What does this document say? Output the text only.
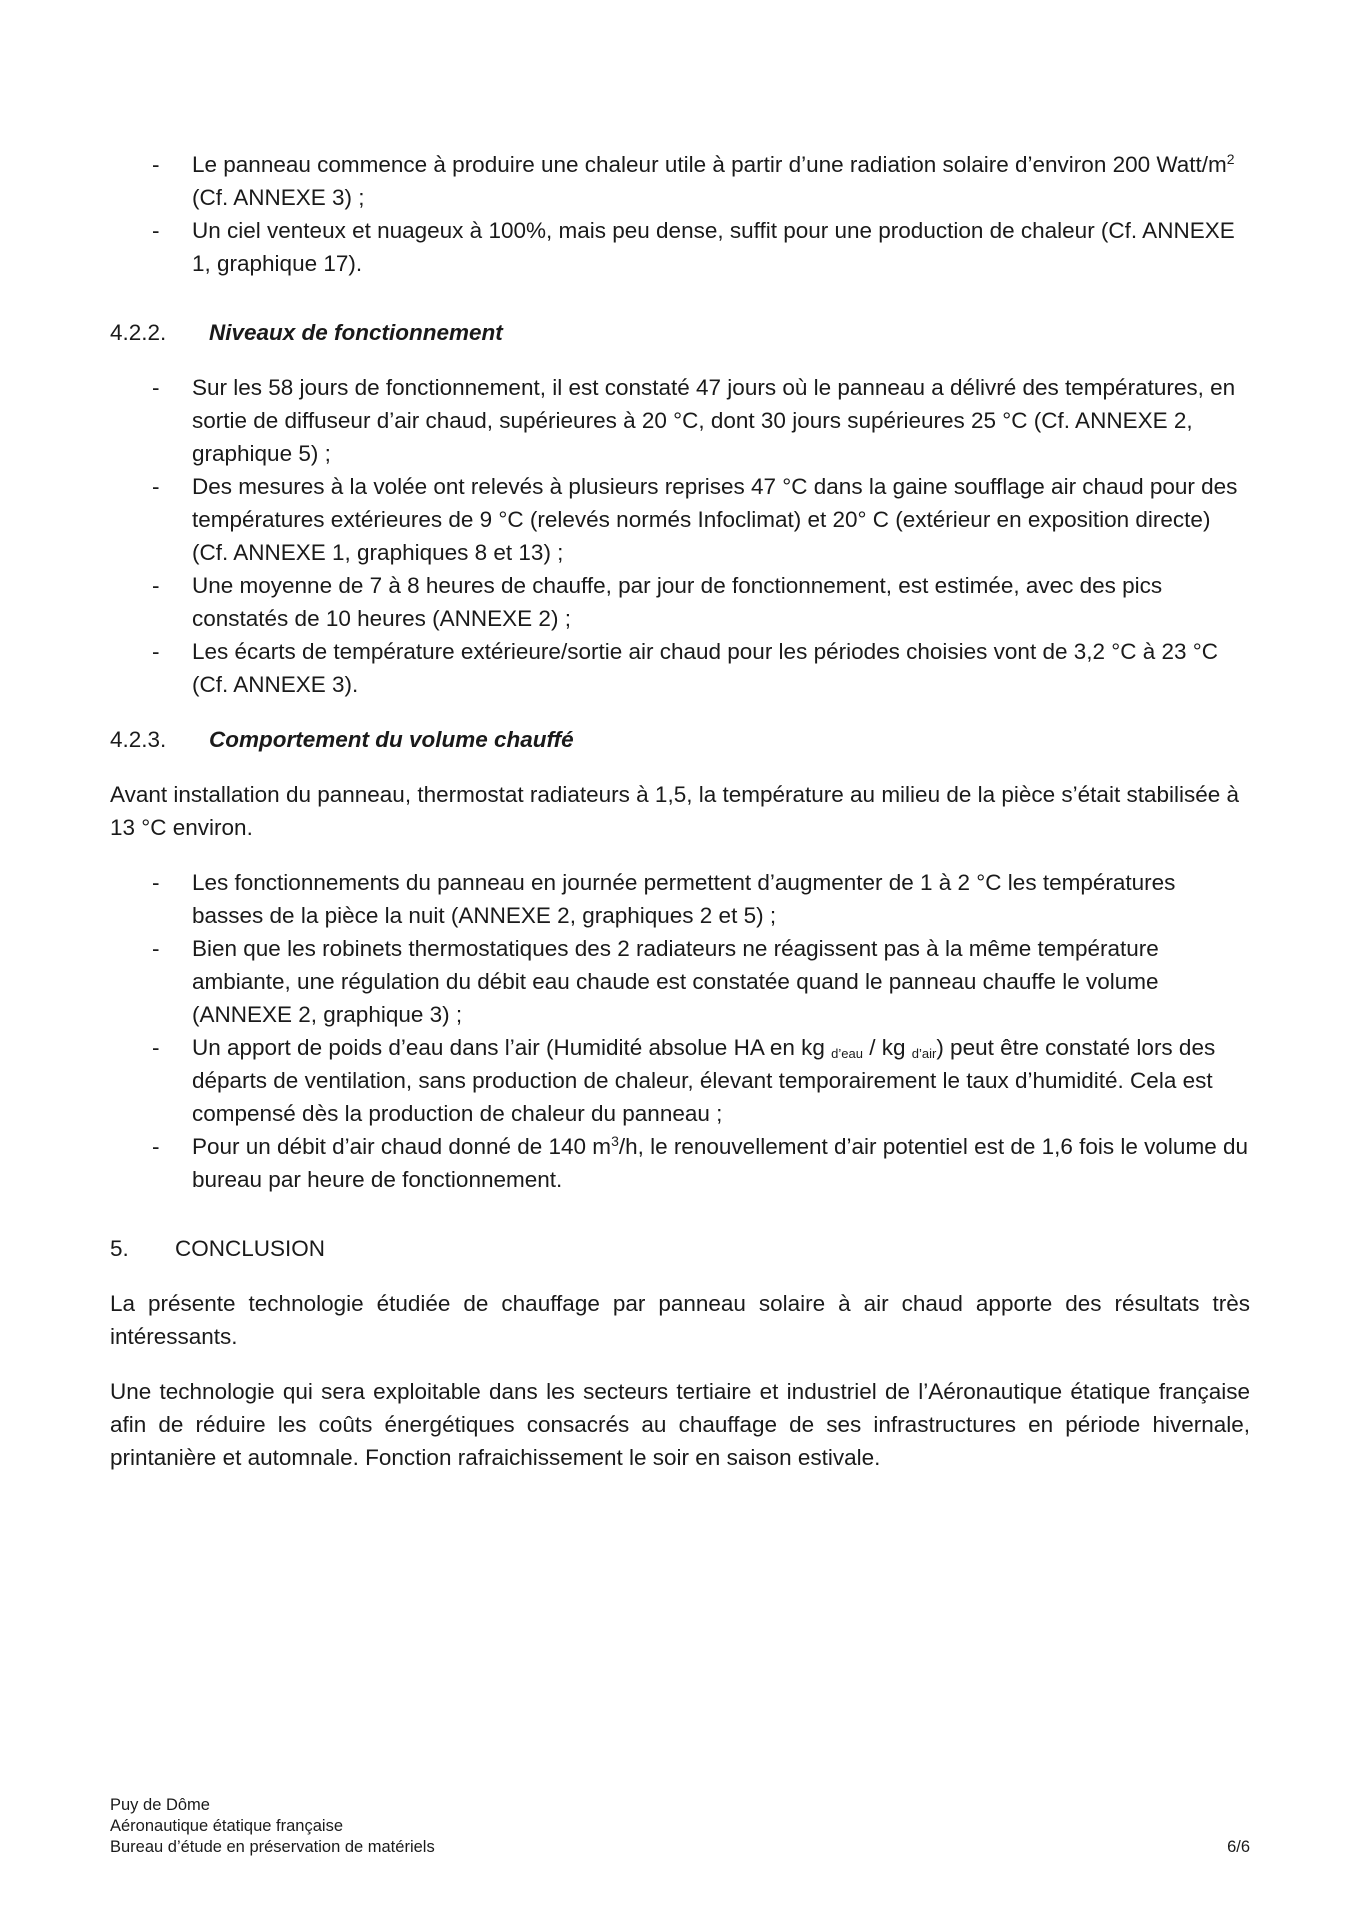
- Le panneau commence à produire une chaleur utile à partir d’une radiation solaire d’environ 200 Watt/$m^2$ (Cf. ANNEXE 3) ;
- Un ciel venteux et nuageux à 100%, mais peu dense, suffit pour une production de chaleur (Cf. ANNEXE 1, graphique 17).
4.2.2.	Niveaux de fonctionnement
- Sur les 58 jours de fonctionnement, il est constaté 47 jours où le panneau a délivré des températures, en sortie de diffuseur d’air chaud, supérieures à 20 °C, dont 30 jours supérieures 25 °C (Cf. ANNEXE 2, graphique 5) ;
- Des mesures à la volée ont relevés à plusieurs reprises 47 °C dans la gaine soufflage air chaud pour des températures extérieures de 9 °C (relevés normés Infoclimat) et 20° C (extérieur en exposition directe) (Cf. ANNEXE 1, graphiques 8 et 13) ;
- Une moyenne de 7 à 8 heures de chauffe, par jour de fonctionnement, est estimée, avec des pics constatés de 10 heures (ANNEXE 2) ;
- Les écarts de température extérieure/sortie air chaud pour les périodes choisies vont de 3,2 °C à 23 °C (Cf. ANNEXE 3).
4.2.3.	Comportement du volume chauffé

Avant installation du panneau, thermostat radiateurs à 1,5, la température au milieu de la pièce s’était stabilisée à 13 °C environ.

- Les fonctionnements du panneau en journée permettent d’augmenter de 1 à 2 °C les températures basses de la pièce la nuit (ANNEXE 2, graphiques 2 et 5) ;
- Bien que les robinets thermostatiques des 2 radiateurs ne réagissent pas à la même température ambiante, une régulation du débit eau chaude est constatée quand le panneau chauffe le volume (ANNEXE 2, graphique 3) ;
- Un apport de poids d’eau dans l’air (Humidité absolue HA en kg $_{d’eau}$ / kg $_{d’air}$) peut être constaté lors des départs de ventilation, sans production de chaleur, élevant temporairement le taux d’humidité. Cela est compensé dès la production de chaleur du panneau ;
- Pour un débit d’air chaud donné de 140 $m^3/h$, le renouvellement d’air potentiel est de 1,6 fois le volume du bureau par heure de fonctionnement.
5.	CONCLUSION

La présente technologie étudiée de chauffage par panneau solaire à air chaud apporte des résultats très intéressants.

Une technologie qui sera exploitable dans les secteurs tertiaire et industriel de l’Aéronautique étatique française afin de réduire les coûts énergétiques consacrés au chauffage de ses infrastructures en période hivernale, printanière et automnale. Fonction rafraichissement le soir en saison estivale.

Puy de Dôme
Aéronautique étatique française
Bureau d’étude en préservation de matériels	6/6
